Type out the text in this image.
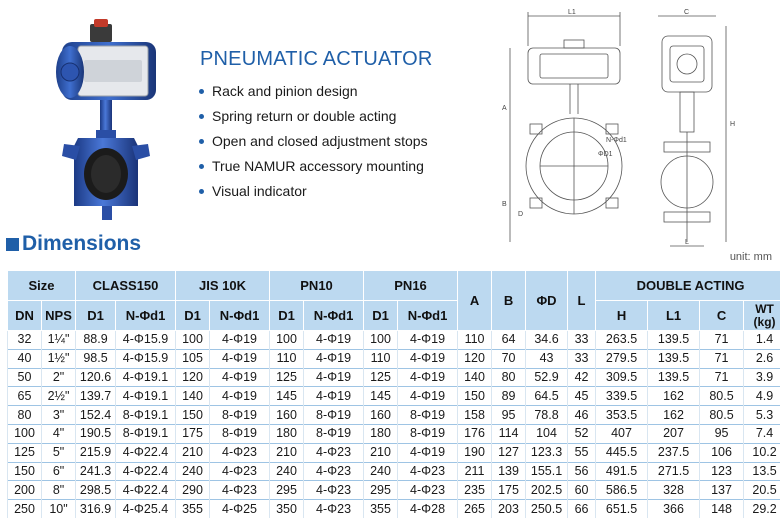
PNEUMATIC ACTUATOR
Rack and pinion design
Spring return or double acting
Open and closed adjustment stops
True NAMUR accessory mounting
Visual indicator
L1
A
B
D
N-Φd1
ΦD1
C
H
L
Dimensions
unit: mm
Size		CLASS150		JIS 10K		PN10		PN16		A	B	ΦD	L	DOUBLE ACTING			
DN	NPS	D1	N-Φd1	D1	N-Φd1	D1	N-Φd1	D1	N-Φd1					H	L1	C	WT (kg)
32	1¼"	88.9	4-Φ15.9	100	4-Φ19	100	4-Φ19	100	4-Φ19	110	64	34.6	33	263.5	139.5	71	1.4
40	1½"	98.5	4-Φ15.9	105	4-Φ19	110	4-Φ19	110	4-Φ19	120	70	43	33	279.5	139.5	71	2.6
50	2"	120.6	4-Φ19.1	120	4-Φ19	125	4-Φ19	125	4-Φ19	140	80	52.9	42	309.5	139.5	71	3.9
65	2½"	139.7	4-Φ19.1	140	4-Φ19	145	4-Φ19	145	4-Φ19	150	89	64.5	45	339.5	162	80.5	4.9
80	3"	152.4	8-Φ19.1	150	8-Φ19	160	8-Φ19	160	8-Φ19	158	95	78.8	46	353.5	162	80.5	5.3
100	4"	190.5	8-Φ19.1	175	8-Φ19	180	8-Φ19	180	8-Φ19	176	114	104	52	407	207	95	7.4
125	5"	215.9	4-Φ22.4	210	4-Φ23	210	4-Φ23	210	4-Φ19	190	127	123.3	55	445.5	237.5	106	10.2
150	6"	241.3	4-Φ22.4	240	4-Φ23	240	4-Φ23	240	4-Φ23	211	139	155.1	56	491.5	271.5	123	13.5
200	8"	298.5	4-Φ22.4	290	4-Φ23	295	4-Φ23	295	4-Φ23	235	175	202.5	60	586.5	328	137	20.5
250	10"	316.9	4-Φ25.4	355	4-Φ25	350	4-Φ23	355	4-Φ28	265	203	250.5	66	651.5	366	148	29.2
